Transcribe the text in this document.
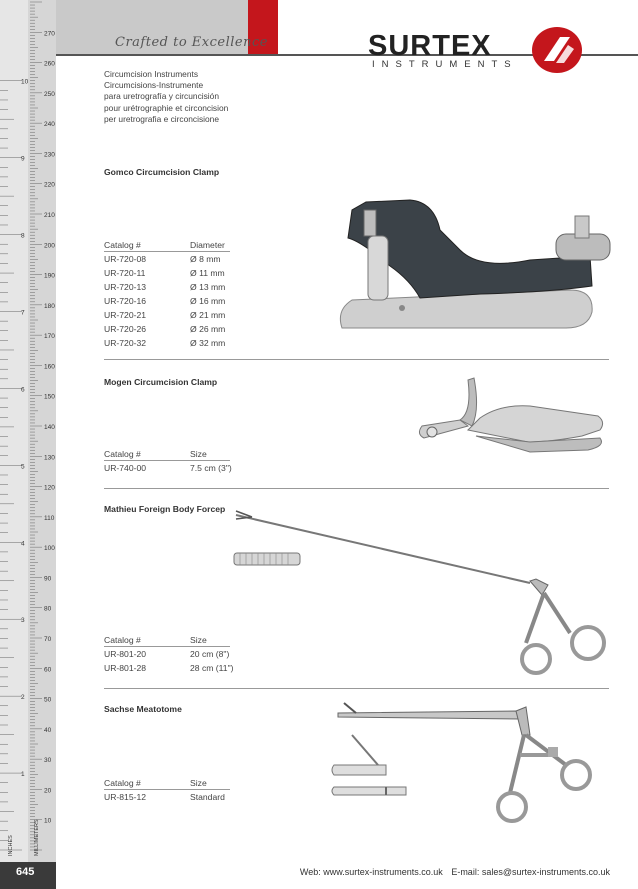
270
260
250
240
230
220
210
200
190
180
170
160
150
140
130
120
110
100
90
80
70
60
50
40
30
20
10
10
9
8
7
6
5
4
3
2
1
INCHES	MILLIMETERS
645
Crafted to Excellence	SURTEX
INSTRUMENTS
Circumcision Instruments
Circumcisions-Instrumente
para uretrografía y circuncisión
pour urétrographie et circoncision
per uretrografia e circoncisione
Gomco Circumcision Clamp
Catalog #	Diameter
UR-720-08	Ø 8 mm
UR-720-11	Ø 11 mm
UR-720-13	Ø 13 mm
UR-720-16	Ø 16 mm
UR-720-21	Ø 21 mm
UR-720-26	Ø 26 mm
UR-720-32	Ø 32 mm
Mogen Circumcision Clamp
Catalog #	Size
UR-740-00	7.5 cm (3")
Mathieu Foreign Body Forcep
Catalog #	Size
UR-801-20	20 cm (8")
UR-801-28	28 cm (11")
Sachse Meatotome
Catalog #	Size
UR-815-12	Standard
Web: www.surtex-instruments.co.uk E-mail: sales@surtex-instruments.co.uk
